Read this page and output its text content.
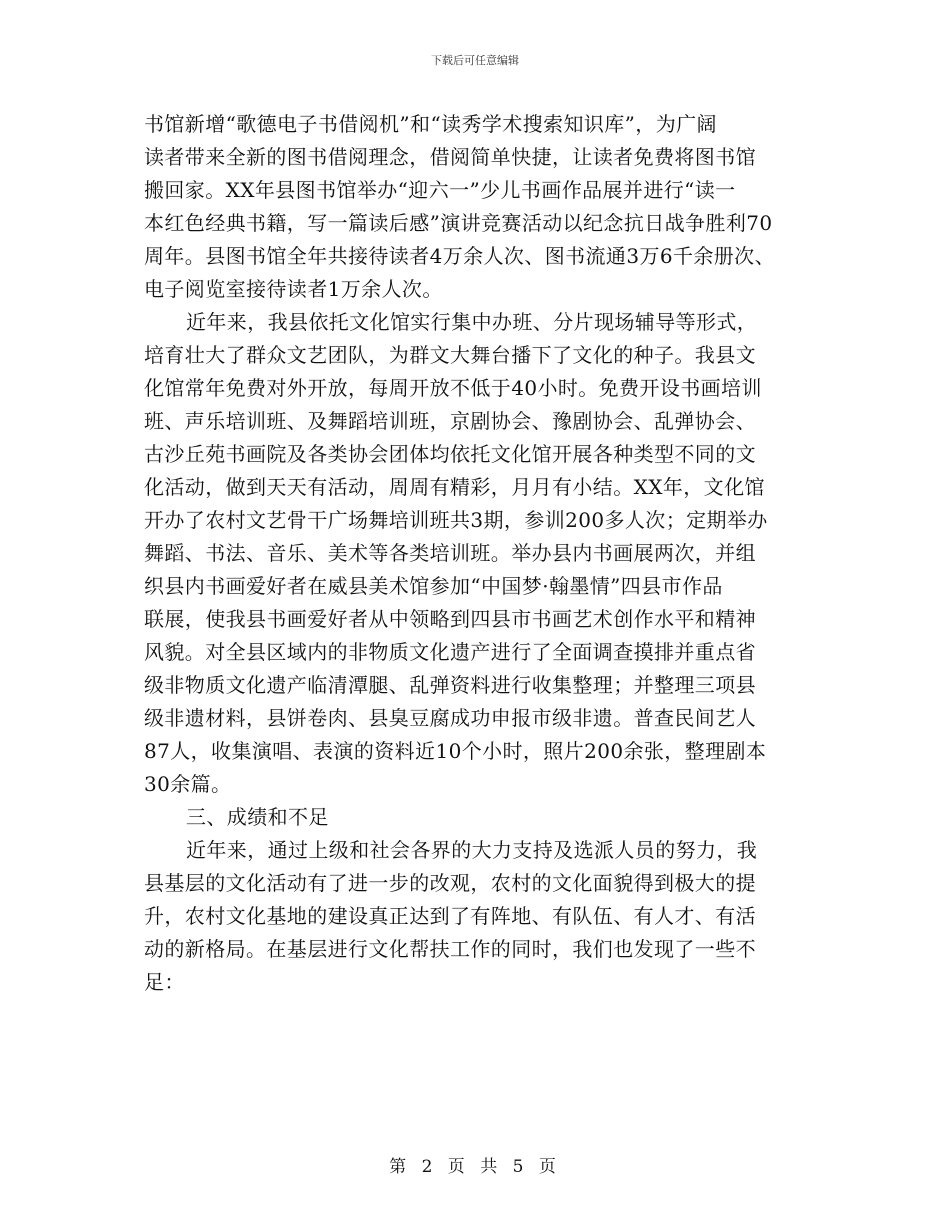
下载后可任意编辑
书馆新增“歌德电子书借阅机”和“读秀学术搜索知识库”，为广阔
读者带来全新的图书借阅理念，借阅简单快捷，让读者免费将图书馆
搬回家。XX年县图书馆举办“迎六一”少儿书画作品展并进行“读一
本红色经典书籍，写一篇读后感”演讲竞赛活动以纪念抗日战争胜利70
周年。县图书馆全年共接待读者4万余人次、图书流通3万6千余册次、
电子阅览室接待读者1万余人次。
近年来，我县依托文化馆实行集中办班、分片现场辅导等形式，
培育壮大了群众文艺团队，为群文大舞台播下了文化的种子。我县文
化馆常年免费对外开放，每周开放不低于40小时。免费开设书画培训
班、声乐培训班、及舞蹈培训班，京剧协会、豫剧协会、乱弹协会、
古沙丘苑书画院及各类协会团体均依托文化馆开展各种类型不同的文
化活动，做到天天有活动，周周有精彩，月月有小结。XX年，文化馆
开办了农村文艺骨干广场舞培训班共3期，参训200多人次；定期举办
舞蹈、书法、音乐、美术等各类培训班。举办县内书画展两次，并组
织县内书画爱好者在威县美术馆参加“中国梦·翰墨情”四县市作品
联展，使我县书画爱好者从中领略到四县市书画艺术创作水平和精神
风貌。对全县区域内的非物质文化遗产进行了全面调查摸排并重点省
级非物质文化遗产临清潭腿、乱弹资料进行收集整理；并整理三项县
级非遗材料，县饼卷肉、县臭豆腐成功申报市级非遗。普查民间艺人
87人，收集演唱、表演的资料近10个小时，照片200余张，整理剧本
30余篇。
三、成绩和不足
近年来，通过上级和社会各界的大力支持及选派人员的努力，我
县基层的文化活动有了进一步的改观，农村的文化面貌得到极大的提
升，农村文化基地的建设真正达到了有阵地、有队伍、有人才、有活
动的新格局。在基层进行文化帮扶工作的同时，我们也发现了一些不
足：
第 2 页 共 5 页
